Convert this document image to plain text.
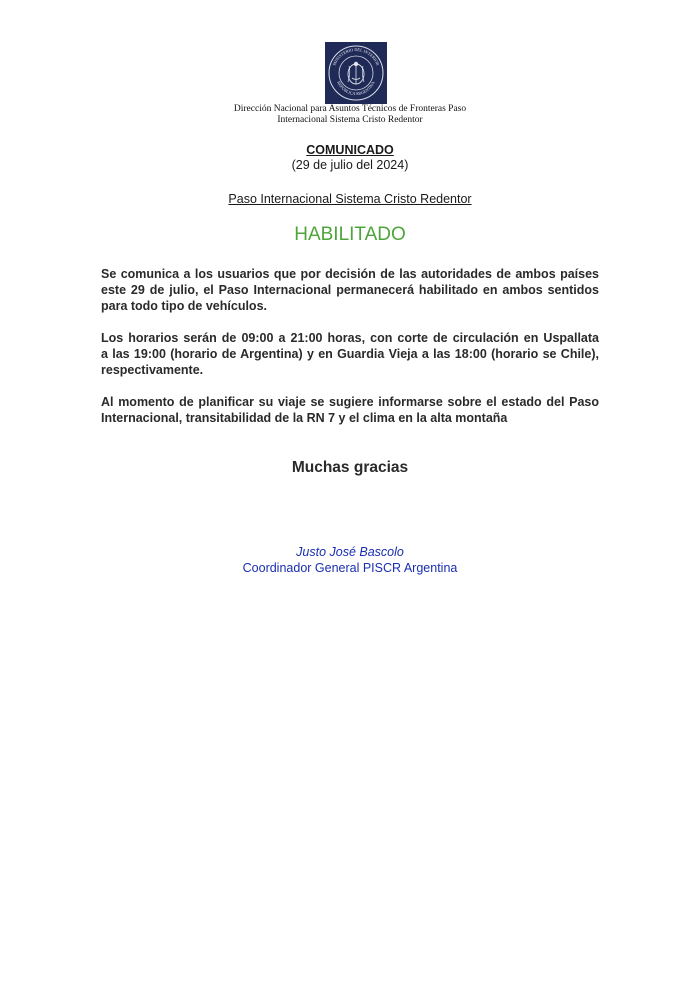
MINISTERIO DEL INTERIOR
REPÚBLICA ARGENTINA
Dirección Nacional para Asuntos Técnicos de Fronteras Paso
Internacional Sistema Cristo Redentor
COMUNICADO
(29 de julio del 2024)
Paso Internacional Sistema Cristo Redentor
HABILITADO
Se comunica a los usuarios que por decisión de las autoridades de ambos países
este 29 de julio, el Paso Internacional permanecerá habilitado en ambos sentidos
para todo tipo de vehículos.
Los horarios serán de 09:00 a 21:00 horas, con corte de circulación en Uspallata
a las 19:00 (horario de Argentina) y en Guardia Vieja a las 18:00 (horario se Chile),
respectivamente.
Al momento de planificar su viaje se sugiere informarse sobre el estado del Paso
Internacional, transitabilidad de la RN 7 y el clima en la alta montaña
Muchas gracias
Justo José Bascolo
Coordinador General PISCR Argentina
